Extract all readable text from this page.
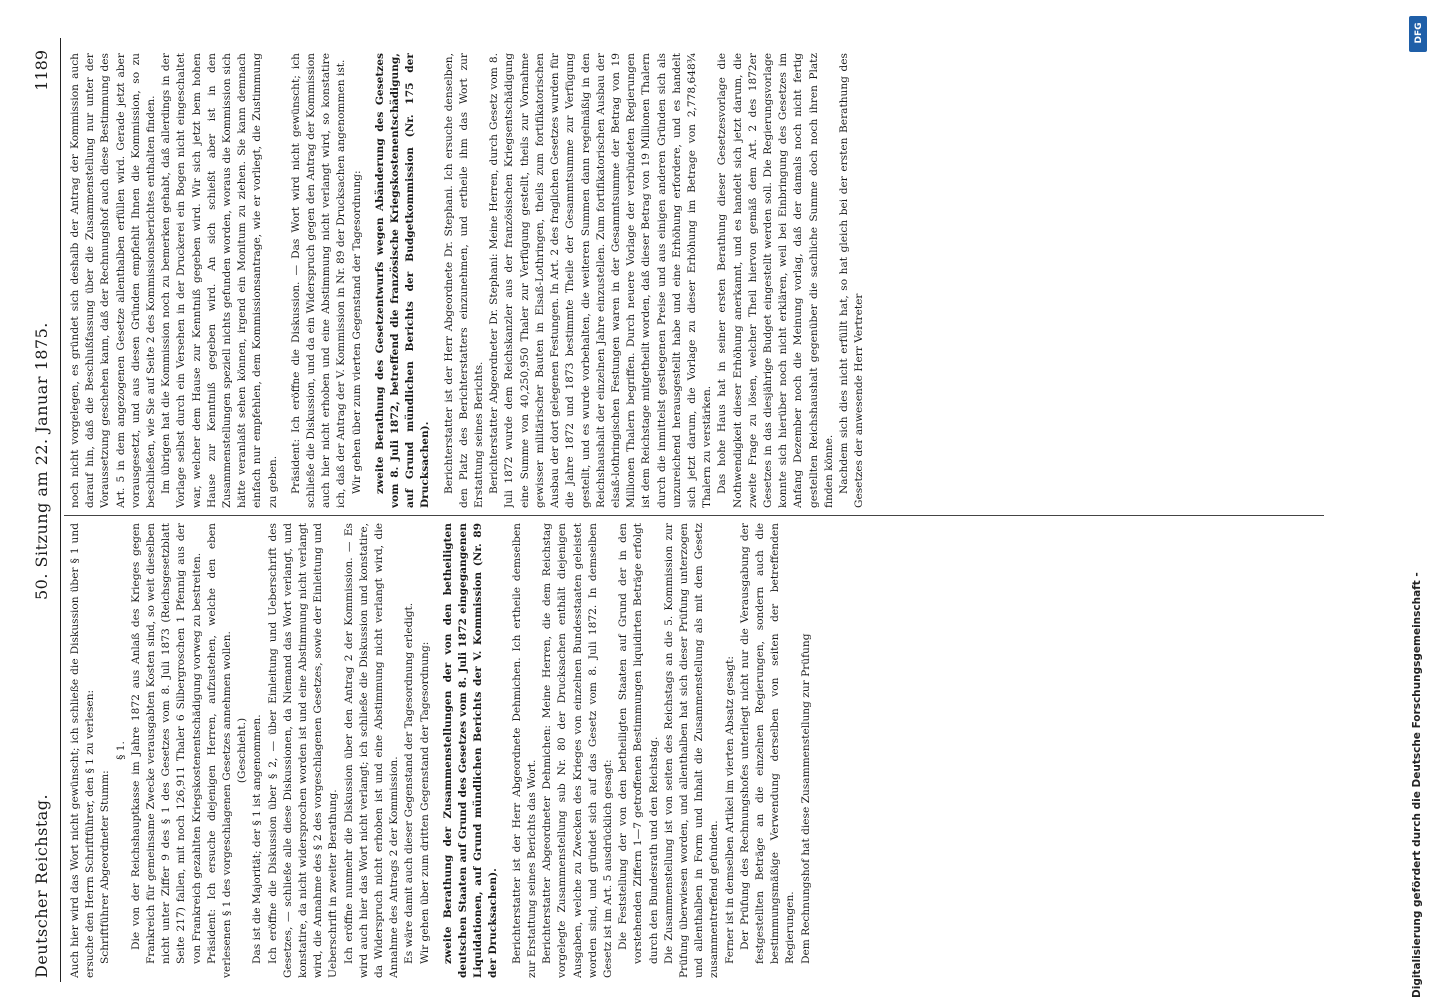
Deutscher Reichstag.
50. Sitzung am 22. Januar 1875.
1189

Auch hier wird das Wort nicht gewünscht; ich schließe die Diskussion über § 1 und ersuche den Herrn Schriftführer, den § 1 zu verlesen: Schriftführer Abgeordneter Stumm:

§ 1. Die von der Reichshauptkasse im Jahre 1872 aus Anlaß des Krieges gegen Frankreich für gemeinsame Zwecke verausgabten Kosten sind, so weit dieselben nicht unter Ziffer 9 des § 1 des Gesetzes vom 8. Juli 1873 (Reichsgesetzblatt Seite 217) fallen, mit noch 126,911 Thaler 6 Silbergroschen 1 Pfennig aus der von Frankreich gezahlten Kriegskostenentschädigung vorweg zu bestreiten. Präsident: Ich ersuche diejenigen Herren, aufzustehen, welche den eben verlesenen § 1 des vorgeschlagenen Gesetzes annehmen wollen. (Geschieht.) Das ist die Majorität; der § 1 ist angenommen. Ich eröffne die Diskussion über § 2, — über Einleitung und Ueberschrift des Gesetzes, — schließe alle diese Diskussionen, da Niemand das Wort verlangt, und konstatire, da nicht widersprochen worden ist und eine Abstimmung nicht verlangt wird, die Annahme des § 2 des vorgeschlagenen Gesetzes, sowie der Einleitung und Ueberschrift in zweiter Berathung. Ich eröffne nunmehr die Diskussion über den Antrag 2 der Kommission. — Es wird auch hier das Wort nicht verlangt; ich schließe die Diskussion und konstatire, da Widerspruch nicht erhoben ist und eine Abstimmung nicht verlangt wird, die Annahme des Antrags 2 der Kommission. Es wäre damit auch dieser Gegenstand der Tagesordnung erledigt. Wir gehen über zum dritten Gegenstand der Tagesordnung: zweite Berathung der Zusammenstellungen der von den betheiligten deutschen Staaten auf Grund des Gesetzes vom 8. Juli 1872 eingegangenen Liquidationen, auf Grund mündlichen Berichts der V. Kommission (Nr. 89 der Drucksachen). Berichterstatter ist der Herr Abgeordnete Dehmichen. Ich ertheile demselben zur Erstattung seines Berichts das Wort. Berichterstatter Abgeordneter Dehmichen: Meine Herren, die dem Reichstag vorgelegte Zusammenstellung sub Nr. 80 der Drucksachen enthält diejenigen Ausgaben, welche zu Zwecken des Krieges von einzelnen Bundesstaaten geleistet worden sind, und gründet sich auf das Gesetz vom 8. Juli 1872. In demselben Gesetz ist im Art. 5 ausdrücklich gesagt: Die Feststellung der von den betheiligten Staaten auf Grund der in den vorstehenden Ziffern 1—7 getroffenen Bestimmungen liquidirten Beträge erfolgt durch den Bundesrath und den Reichstag. Die Zusammenstellung ist von seiten des Reichstags an die 5. Kommission zur Prüfung überwiesen worden, und allenthalben hat sich dieser Prüfung unterzogen und allenthalben in Form und Inhalt die Zusammenstellung als mit dem Gesetz zusammentreffend gefunden. Ferner ist in demselben Artikel im vierten Absatz gesagt: Der Prüfung des Rechnungshofes unterliegt nicht nur die Verausgabung der festgestellten Beträge an die einzelnen Regierungen, sondern auch die bestimmungsmäßige Verwendung derselben von seiten der betreffenden Regierungen. Dem Rechnungshof hat diese Zusammenstellung zur Prüfung

noch nicht vorgelegen, es gründet sich deshalb der Antrag der Kommission auch darauf hin, daß die Beschlußfassung über die Zusammenstellung nur unter der Voraussetzung geschehen kann, daß der Rechnungshof auch diese Bestimmung des Art. 5 in dem angezogenen Gesetze allenthalben erfüllen wird. Gerade jetzt aber vorausgesetzt, und aus diesen Gründen empfiehlt Ihnen die Kommission, so zu beschließen, wie Sie auf Seite 2 des Kommissionsberichtes enthalten finden. Im übrigen hat die Kommission noch zu bemerken gehabt, daß allerdings in der Vorlage selbst durch ein Versehen in der Druckerei ein Bogen nicht eingeschaltet war, welcher dem Hause zur Kenntniß gegeben wird. Wir sich jetzt bem hohen Hause zur Kenntniß gegeben wird. An sich schießt aber ist in den Zusammenstellungen speziell nichts gefunden worden, woraus die Kommission sich hätte veranlaßt sehen können, irgend ein Monitum zu ziehen. Sie kann demnach einfach nur empfehlen, dem Kommissionsantrage, wie er vorliegt, die Zustimmung zu geben. Präsident: Ich eröffne die Diskussion. — Das Wort wird nicht gewünscht; ich schließe die Diskussion, und da ein Widerspruch gegen den Antrag der Kommission auch hier nicht erhoben und eine Abstimmung nicht verlangt wird, so konstatire ich, daß der Antrag der V. Kommission in Nr. 89 der Drucksachen angenommen ist. Wir gehen über zum vierten Gegenstand der Tagesordnung: zweite Berathung des Gesetzentwurfs wegen Abänderung des Gesetzes vom 8. Juli 1872, betreffend die französische Kriegskostenentschädigung, auf Grund mündlichen Berichts der Budgetkommission (Nr. 175 der Drucksachen). Berichterstatter ist der Herr Abgeordnete Dr. Stephani. Ich ersuche denselben, den Platz des Berichterstatters einzunehmen, und ertheile ihm das Wort zur Erstattung seines Berichts. Berichterstatter Abgeordneter Dr. Stephani: Meine Herren, durch Gesetz vom 8. Juli 1872 wurde dem Reichskanzler aus der französischen Kriegsentschädigung eine Summe von 40,250,950 Thaler zur Verfügung gestellt, theils zur Vornahme gewisser militärischer Bauten in Elsaß-Lothringen, theils zum fortifikatorischen Ausbau der dort gelegenen Festungen. In Art. 2 des fraglichen Gesetzes wurden für die Jahre 1872 und 1873 bestimmte Theile der Gesammtsumme zur Verfügung gestellt, und es wurde vorbehalten, die weiteren Summen dann regelmäßig in den Reichshaushalt der einzelnen Jahre einzustellen. Zum fortifikatorischen Ausbau der elsaß-lothringischen Festungen waren in der Gesammtsumme der Betrag von 19 Millionen Thalern begriffen. Durch neuere Vorlage der verbündeten Regierungen ist dem Reichstage mitgetheilt worden, daß dieser Betrag von 19 Millionen Thalern durch die inmittelst gestiegenen Preise und aus einigen anderen Gründen sich als unzureichend herausgestellt habe und eine Erhöhung erfordere, und es handelt sich jetzt darum, die Vorlage zu dieser Erhöhung im Betrage von 2,778,648¾ Thalern zu verstärken. Das hohe Haus hat in seiner ersten Berathung dieser Gesetzesvorlage die Nothwendigkeit dieser Erhöhung anerkannt, und es handelt sich jetzt darum, die zweite Frage zu lösen, welcher Theil hiervon gemäß dem Art. 2 des 1872er Gesetzes in das diesjährige Budget eingestellt werden soll. Die Regierungsvorlage konnte sich hierüber noch nicht erklären, weil bei Einbringung des Gesetzes im Anfang Dezember noch die Meinung vorlag, daß der damals noch nicht fertig gestellten Reichshaushalt gegenüber die sachliche Summe doch noch ihren Platz finden könne. Nachdem sich dies nicht erfüllt hat, so hat gleich bei der ersten Berathung des Gesetzes der anwesende Herr Vertreter

Digitalisierung gefördert durch die Deutsche Forschungsgemeinschaft -
DFG
